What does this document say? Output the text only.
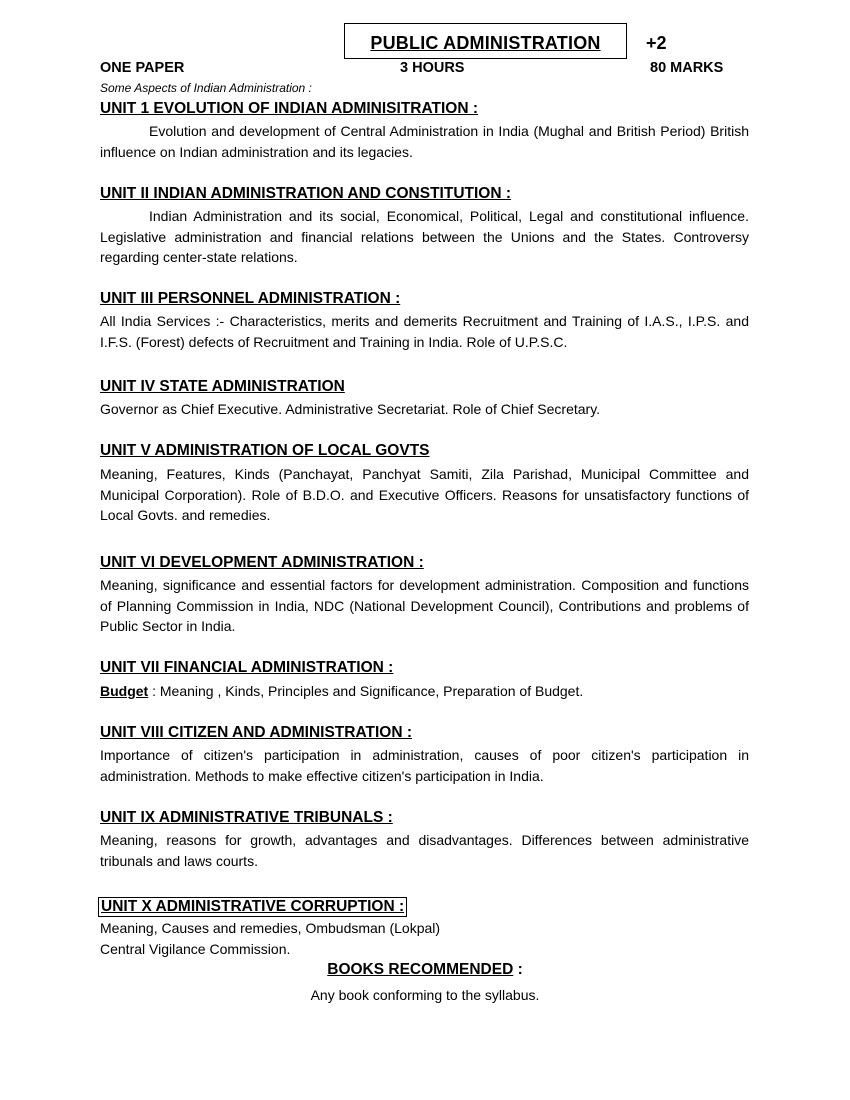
PUBLIC ADMINISTRATION	+2
ONE PAPER	3 HOURS	80 MARKS
Some Aspects of Indian Administration :
UNIT 1 EVOLUTION OF INDIAN ADMINISITRATION :
Evolution and development of Central Administration in India (Mughal and British Period) British influence on Indian administration and its legacies.
UNIT II INDIAN ADMINISTRATION AND CONSTITUTION :
Indian Administration and its social, Economical, Political, Legal and constitutional influence. Legislative administration and financial relations between the Unions and the States. Controversy regarding center-state relations.
UNIT III PERSONNEL ADMINISTRATION :
All India Services :- Characteristics, merits and demerits Recruitment and Training of I.A.S., I.P.S. and I.F.S. (Forest) defects of Recruitment and Training in India. Role of U.P.S.C.
UNIT IV STATE ADMINISTRATION
Governor as Chief Executive. Administrative Secretariat. Role of Chief Secretary.
UNIT V ADMINISTRATION OF LOCAL GOVTS
Meaning, Features, Kinds (Panchayat, Panchyat Samiti, Zila Parishad, Municipal Committee and Municipal Corporation). Role of B.D.O. and Executive Officers. Reasons for unsatisfactory functions of Local Govts. and remedies.
UNIT VI DEVELOPMENT ADMINISTRATION :
Meaning, significance and essential factors for development administration. Composition and functions of Planning Commission in India, NDC (National Development Council), Contributions and problems of Public Sector in India.
UNIT VII FINANCIAL ADMINISTRATION :
Budget : Meaning , Kinds, Principles and Significance, Preparation of Budget.
UNIT VIII CITIZEN AND ADMINISTRATION :
Importance of citizen's participation in administration, causes of poor citizen's participation in administration. Methods to make effective citizen's participation in India.
UNIT IX ADMINISTRATIVE TRIBUNALS :
Meaning, reasons for growth, advantages and disadvantages. Differences between administrative tribunals and laws courts.
UNIT X ADMINISTRATIVE CORRUPTION :
Meaning, Causes and remedies, Ombudsman (Lokpal)
Central Vigilance Commission.
BOOKS RECOMMENDED :
Any book conforming to the syllabus.
